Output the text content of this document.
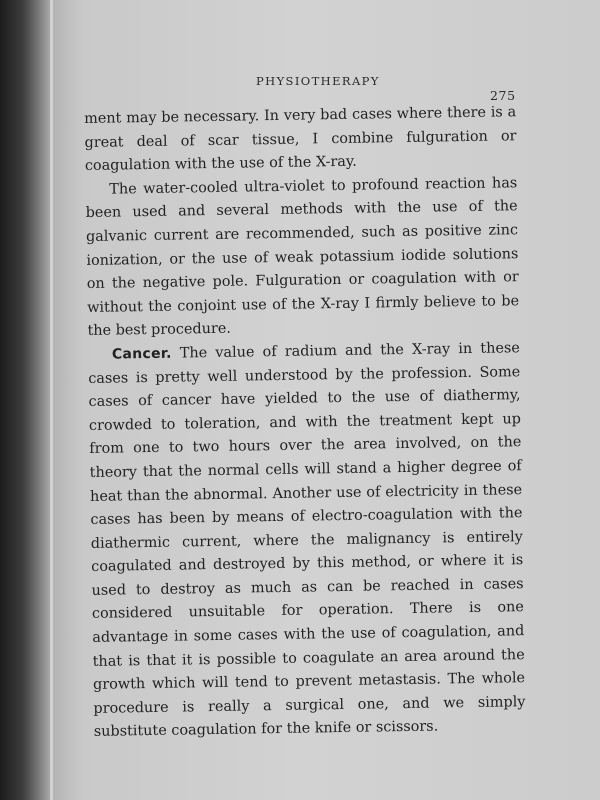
PHYSIOTHERAPY
275

ment may be necessary. In very bad cases where there is a great deal of scar tissue, I combine fulguration or coagulation with the use of the X-ray.

The water-cooled ultra-violet to profound reaction has been used and several methods with the use of the galvanic current are recommended, such as positive zinc ionization, or the use of weak potassium iodide solutions on the negative pole. Fulguration or coagulation with or without the conjoint use of the X-ray I firmly believe to be the best procedure.

Cancer. The value of radium and the X-ray in these cases is pretty well understood by the profession. Some cases of cancer have yielded to the use of diathermy, crowded to toleration, and with the treatment kept up from one to two hours over the area involved, on the theory that the normal cells will stand a higher degree of heat than the abnormal. Another use of electricity in these cases has been by means of electro-coagulation with the diathermic current, where the malignancy is entirely coagulated and destroyed by this method, or where it is used to destroy as much as can be reached in cases considered unsuitable for operation. There is one advantage in some cases with the use of coagulation, and that is that it is possible to coagulate an area around the growth which will tend to prevent metastasis. The whole procedure is really a surgical one, and we simply substitute coagulation for the knife or scissors.
